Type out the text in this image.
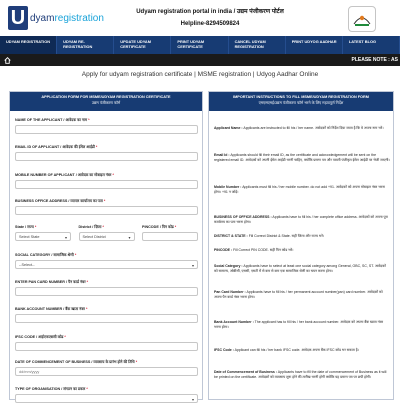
U dyamregistration
Udyam registration portal in india / उद्यम पंजीकरण पोर्टल
Helpline-8294509824
UDYAM REGISTRATION	UDYAM RE-REGISTRATION
UPDATE UDYAM CERTIFICATE
PRINT UDYAM CERTIFICATE
CANCEL UDYAM REGISTRATION
PRINT UDYOG AADHAR	LATEST BLOG
PLEASE NOTE : AS
Apply for udyam registration certificate | MSME registration | Udyog Aadhar Online
APPLICATION FORM FOR MSME/UDYAM REGISTRATION CERTIFICATE
उद्यम पंजीकरण फॉर्म
NAME OF THE APPLICANT / आवेदक का नाम *
EMAIL ID OF APPLICANT / आवेदक की ईमेल आईडी *
MOBILE NUMBER OF APPLICANT / आवेदक का मोबाइल नंबर *
BUSINESS OFFICE ADDRESS / व्यापार कार्यालय का पता *
State / राज्य *
Select State	▾
District / ज़िला *
Select District	▾
PINCODE / पिन कोड *
SOCIAL CATEGORY / सामाजिक श्रेणी *
--Select--	▾
ENTER PAN CARD NUMBER / पैन कार्ड नंबर *
BANK ACCOUNT NUMBER / बैंक खाता नंबर *
IFSC CODE / आईएफएससी कोड *
DATE OF COMMENCEMENT OF BUSINESS / व्यवसाय के प्रारंभ होने की तिथि *
dd/mm/yyyy
TYPE OF ORGANISATION / संगठन का प्रकार *
▾
IMPORTANT INSTRUCTIONS TO FILL MSME/UDYAM REGISTRATION FORM
एमएसएमई/उद्यम पंजीकरण फॉर्म भरने के लिए महत्वपूर्ण निर्देश
Applicant Name : Applicants are instructed to fill his / her name. आवेदकों को निर्देश दिया जाता है कि वे अपना नाम भरें।
Email Id : Applicants should fill their email ID, as the certificate and acknowledgement will be sent on the registered email ID. आवेदकों को अपनी ईमेल आईडी भरनी चाहिए, क्योंकि प्रमाण पत्र और पावती पंजीकृत ईमेल आईडी पर भेजी जाएगी।
Mobile Number : Applicants must fill his / her mobile number. do not add +91. आवेदकों को अपना मोबाइल नंबर भरना होगा। +91 न जोड़ें।
BUSINESS OF OFFICE ADDRESS : Applicants have to fill his / her complete office address. आवेदकों को अपना पूरा कार्यालय का पता भरना होगा।
DISTRICT & STATE : Fill Correct District & State. सही जिला और राज्य भरें।
PINCODE : Fill Correct PIN CODE. सही पिन कोड भरें।
Social Category : Applicants have to select at least one social category among General, OBC, SC, ST. आवेदकों को सामान्य, ओबीसी, एससी, एसटी में से कम से कम एक सामाजिक श्रेणी का चयन करना होगा।
Pan Card Number : Applicants have to fill his / her permanent account number(pan) card number. आवेदकों को अपना पैन कार्ड नंबर भरना होगा।
Bank Account Number : The applicant has to fill his / her bank account number. आवेदक को अपना बैंक खाता नंबर भरना होगा।
IFSC Code : Applicant can fill his / her bank IFSC code. आवेदक अपना बैंक IFSC कोड भर सकता है।
Date of Commencement of Business : Applicants have to fill the date of commencement of Business as it will be printed on the certificate. आवेदकों को व्यवसाय शुरू होने की तारीख भरनी होगी क्योंकि यह प्रमाण पत्र पर छपी होगी।
